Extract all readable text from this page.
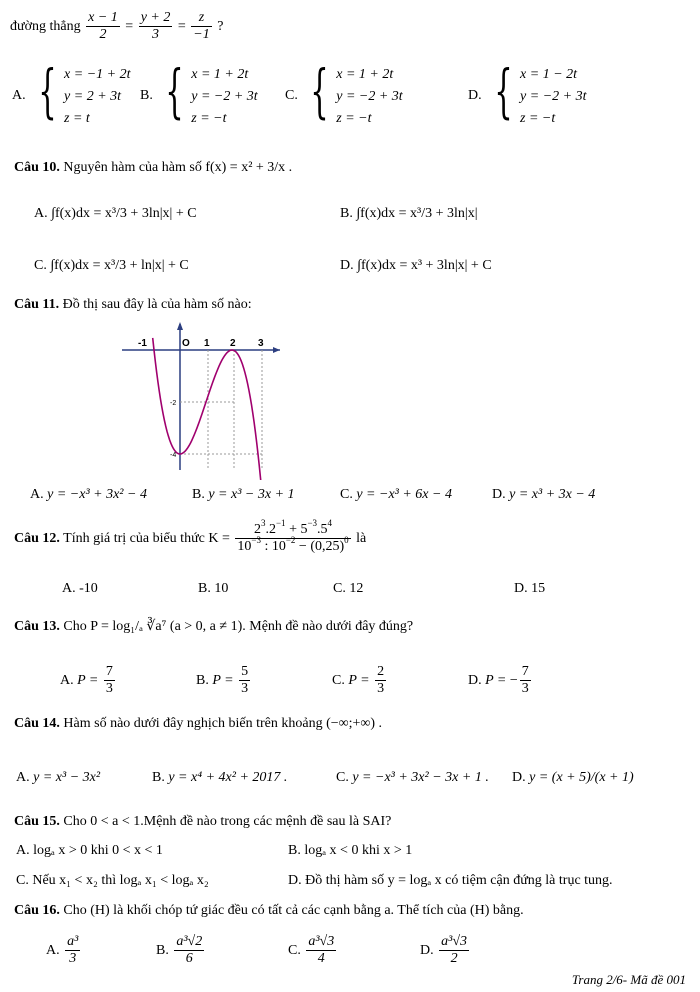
đường thẳng $\frac{x - 1}{2} = \frac{y + 2}{3} = \frac{z}{-1}$ ?
A. { x = −1 + 2t
y = 2 + 3t
z = t
B. { x = 1 + 2t
y = −2 + 3t
z = −t
C. { x = 1 + 2t
y = −2 + 3t
z = −t
D. { x = 1 − 2t
y = −2 + 3t
z = −t
Câu 10. Nguyên hàm của hàm số f(x) = x² + 3/x .
A. ∫f(x)dx = x³/3 + 3ln|x| + C	B. ∫f(x)dx = x³/3 + 3ln|x|
C. ∫f(x)dx = x³/3 + ln|x| + C	D. ∫f(x)dx = x³ + 3ln|x| + C
Câu 11. Đồ thị sau đây là của hàm số nào:
-1	O 1 2 3
-2
-4
A. y = −x³ + 3x² − 4	B. y = x³ − 3x + 1	C. y = −x³ + 6x − 4	D. y = x³ + 3x − 4
Câu 12. Tính giá trị của biểu thức $K = \frac{2^3.2^{-1} + 5^{-3}.5^4}{10^{-3} : 10^{-2} - (0,25)^0}$ là
A. -10	B. 10	C. 12	D. 15
Câu 13. Cho P = log₁/ₐ ∛a⁷ (a > 0, a ≠ 1). Mệnh đề nào dưới đây đúng?
A. $P = \frac{7}{3}$	B. $P = \frac{5}{3}$	C. $P = \frac{2}{3}$	D. P = − $\frac{7}{3}$
Câu 14. Hàm số nào dưới đây nghịch biến trên khoảng (−∞;+∞) .
A. y = x³ − 3x²	B. y = x⁴ + 4x² + 2017 .	C. y = −x³ + 3x² − 3x + 1 . D. y = (x + 5)/(x + 1)
Câu 15. Cho 0 < a < 1.Mệnh đề nào trong các mệnh đề sau là SAI?
A. logₐ x > 0 khi 0 < x < 1	B. logₐ x < 0 khi x > 1
C. Nếu x₁ < x₂ thì logₐ x₁ < logₐ x₂	D. Đồ thị hàm số y = logₐ x có tiệm cận đứng là trục tung.
Câu 16. Cho (H) là khối chóp tứ giác đều có tất cả các cạnh bằng a. Thể tích của (H) bằng.
A. $\frac{\text{a³}}{3}$	B. $\frac{\text{a³√2}}{6}$	C. $\frac{\text{a³√3}}{4}$	D. $\frac{\text{a³√3}}{2}$
Trang 2/6- Mã đề 001
